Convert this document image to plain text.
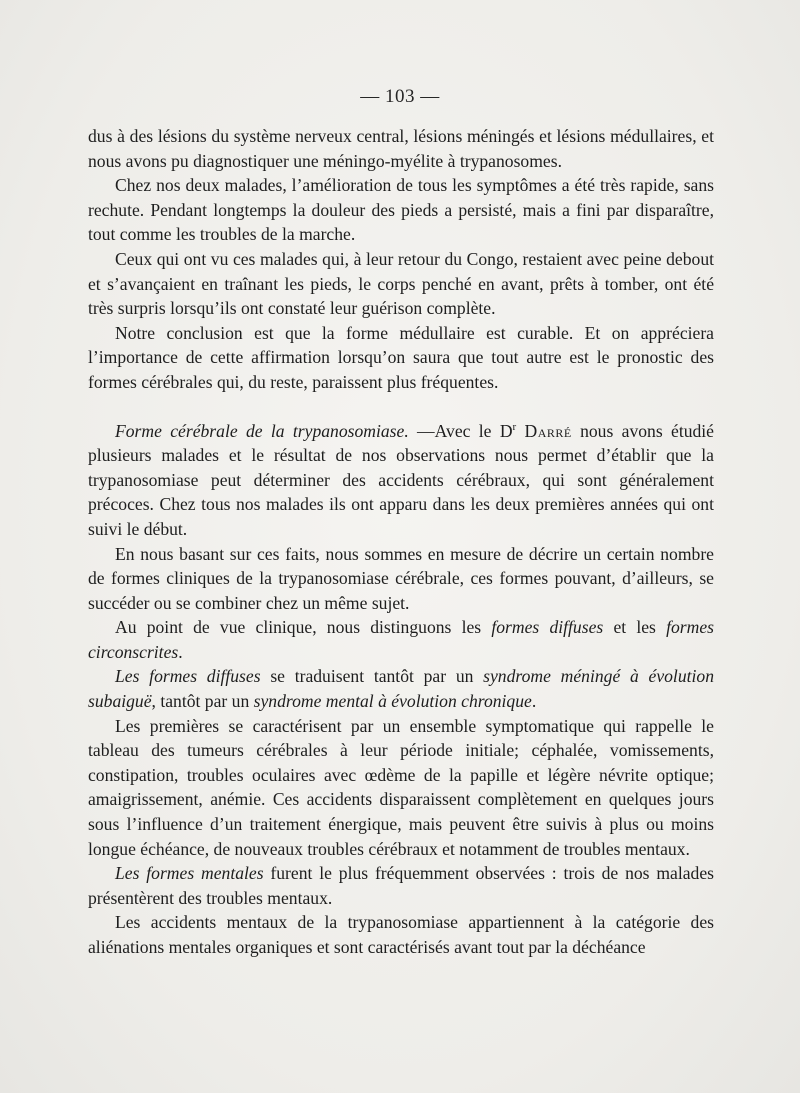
— 103 —

dus à des lésions du système nerveux central, lésions méningés et lésions médullaires, et nous avons pu diagnostiquer une méningo-myélite à trypanosomes.

Chez nos deux malades, l’amélioration de tous les symptômes a été très rapide, sans rechute. Pendant longtemps la douleur des pieds a persisté, mais a fini par disparaître, tout comme les troubles de la marche.

Ceux qui ont vu ces malades qui, à leur retour du Congo, restaient avec peine debout et s’avançaient en traînant les pieds, le corps penché en avant, prêts à tomber, ont été très surpris lorsqu’ils ont constaté leur guérison complète.

Notre conclusion est que la forme médullaire est curable. Et on appréciera l’importance de cette affirmation lorsqu’on saura que tout autre est le pronostic des formes cérébrales qui, du reste, paraissent plus fréquentes.

Forme cérébrale de la trypanosomiase. —Avec le $D^r$ Darré nous avons étudié plusieurs malades et le résultat de nos observations nous permet d’établir que la trypanosomiase peut déterminer des accidents cérébraux, qui sont généralement précoces. Chez tous nos malades ils ont apparu dans les deux premières années qui ont suivi le début.

En nous basant sur ces faits, nous sommes en mesure de décrire un certain nombre de formes cliniques de la trypanosomiase cérébrale, ces formes pouvant, d’ailleurs, se succéder ou se combiner chez un même sujet.

Au point de vue clinique, nous distinguons les formes diffuses et les formes circonscrites.

Les formes diffuses se traduisent tantôt par un syndrome méningé à évolution subaiguë, tantôt par un syndrome mental à évolution chronique.

Les premières se caractérisent par un ensemble symptomatique qui rappelle le tableau des tumeurs cérébrales à leur période initiale; céphalée, vomissements, constipation, troubles oculaires avec œdème de la papille et légère névrite optique; amaigrissement, anémie. Ces accidents disparaissent complètement en quelques jours sous l’influence d’un traitement énergique, mais peuvent être suivis à plus ou moins longue échéance, de nouveaux troubles cérébraux et notamment de troubles mentaux.

Les formes mentales furent le plus fréquemment observées : trois de nos malades présentèrent des troubles mentaux.

Les accidents mentaux de la trypanosomiase appartiennent à la catégorie des aliénations mentales organiques et sont caractérisés avant tout par la déchéance
